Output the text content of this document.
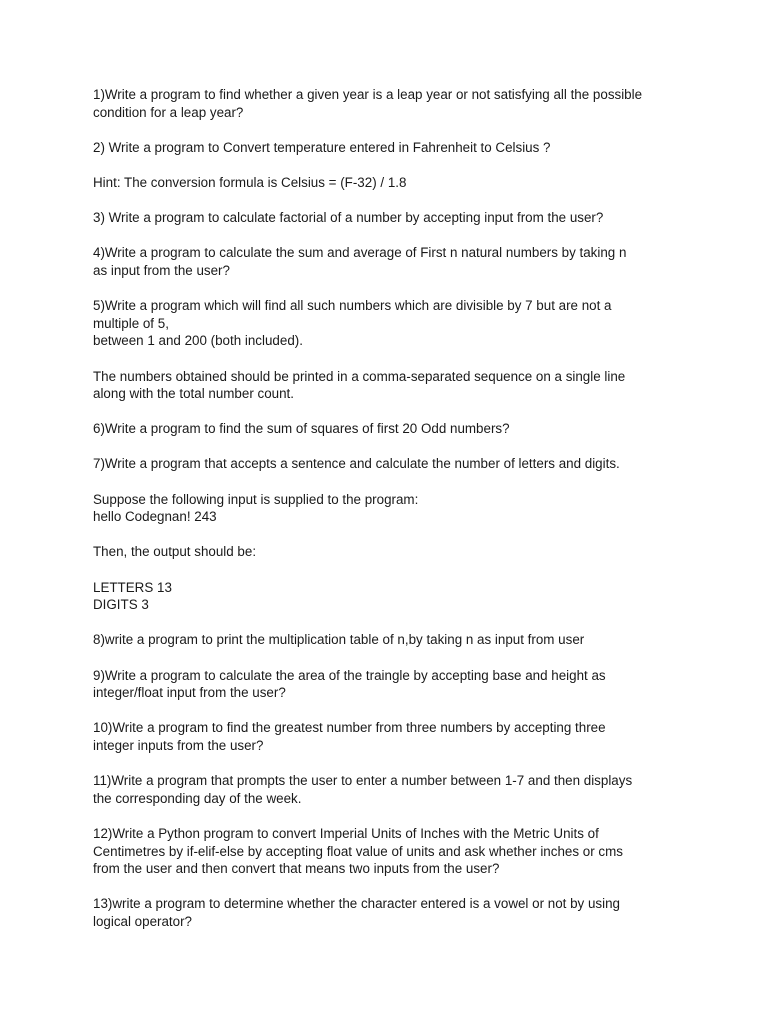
1)Write a program to find whether a given year is a leap year or not satisfying all the possible
condition for a leap year?

2) Write a program to Convert temperature entered in Fahrenheit to Celsius ?

Hint: The conversion formula is Celsius = (F-32) / 1.8

3) Write a program to calculate factorial of a number by accepting input from the user?

4)Write a program to calculate the sum and average of First n natural numbers by taking n
as input from the user?

5)Write a program which will find all such numbers which are divisible by 7 but are not a
multiple of 5,
between 1 and 200 (both included).

The numbers obtained should be printed in a comma-separated sequence on a single line
along with the total number count.

6)Write a program to find the sum of squares of first 20 Odd numbers?

7)Write a program that accepts a sentence and calculate the number of letters and digits.

Suppose the following input is supplied to the program:
hello Codegnan! 243

Then, the output should be:

LETTERS 13
DIGITS 3

8)write a program to print the multiplication table of n,by taking n as input from user

9)Write a program to calculate the area of the traingle by accepting base and height as
integer/float input from the user?

10)Write a program to find the greatest number from three numbers by accepting three
integer inputs from the user?

11)Write a program that prompts the user to enter a number between 1-7 and then displays
the corresponding day of the week.

12)Write a Python program to convert Imperial Units of Inches with the Metric Units of
Centimetres by if-elif-else by accepting float value of units and ask whether inches or cms
from the user and then convert that means two inputs from the user?

13)write a program to determine whether the character entered is a vowel or not by using
logical operator?
